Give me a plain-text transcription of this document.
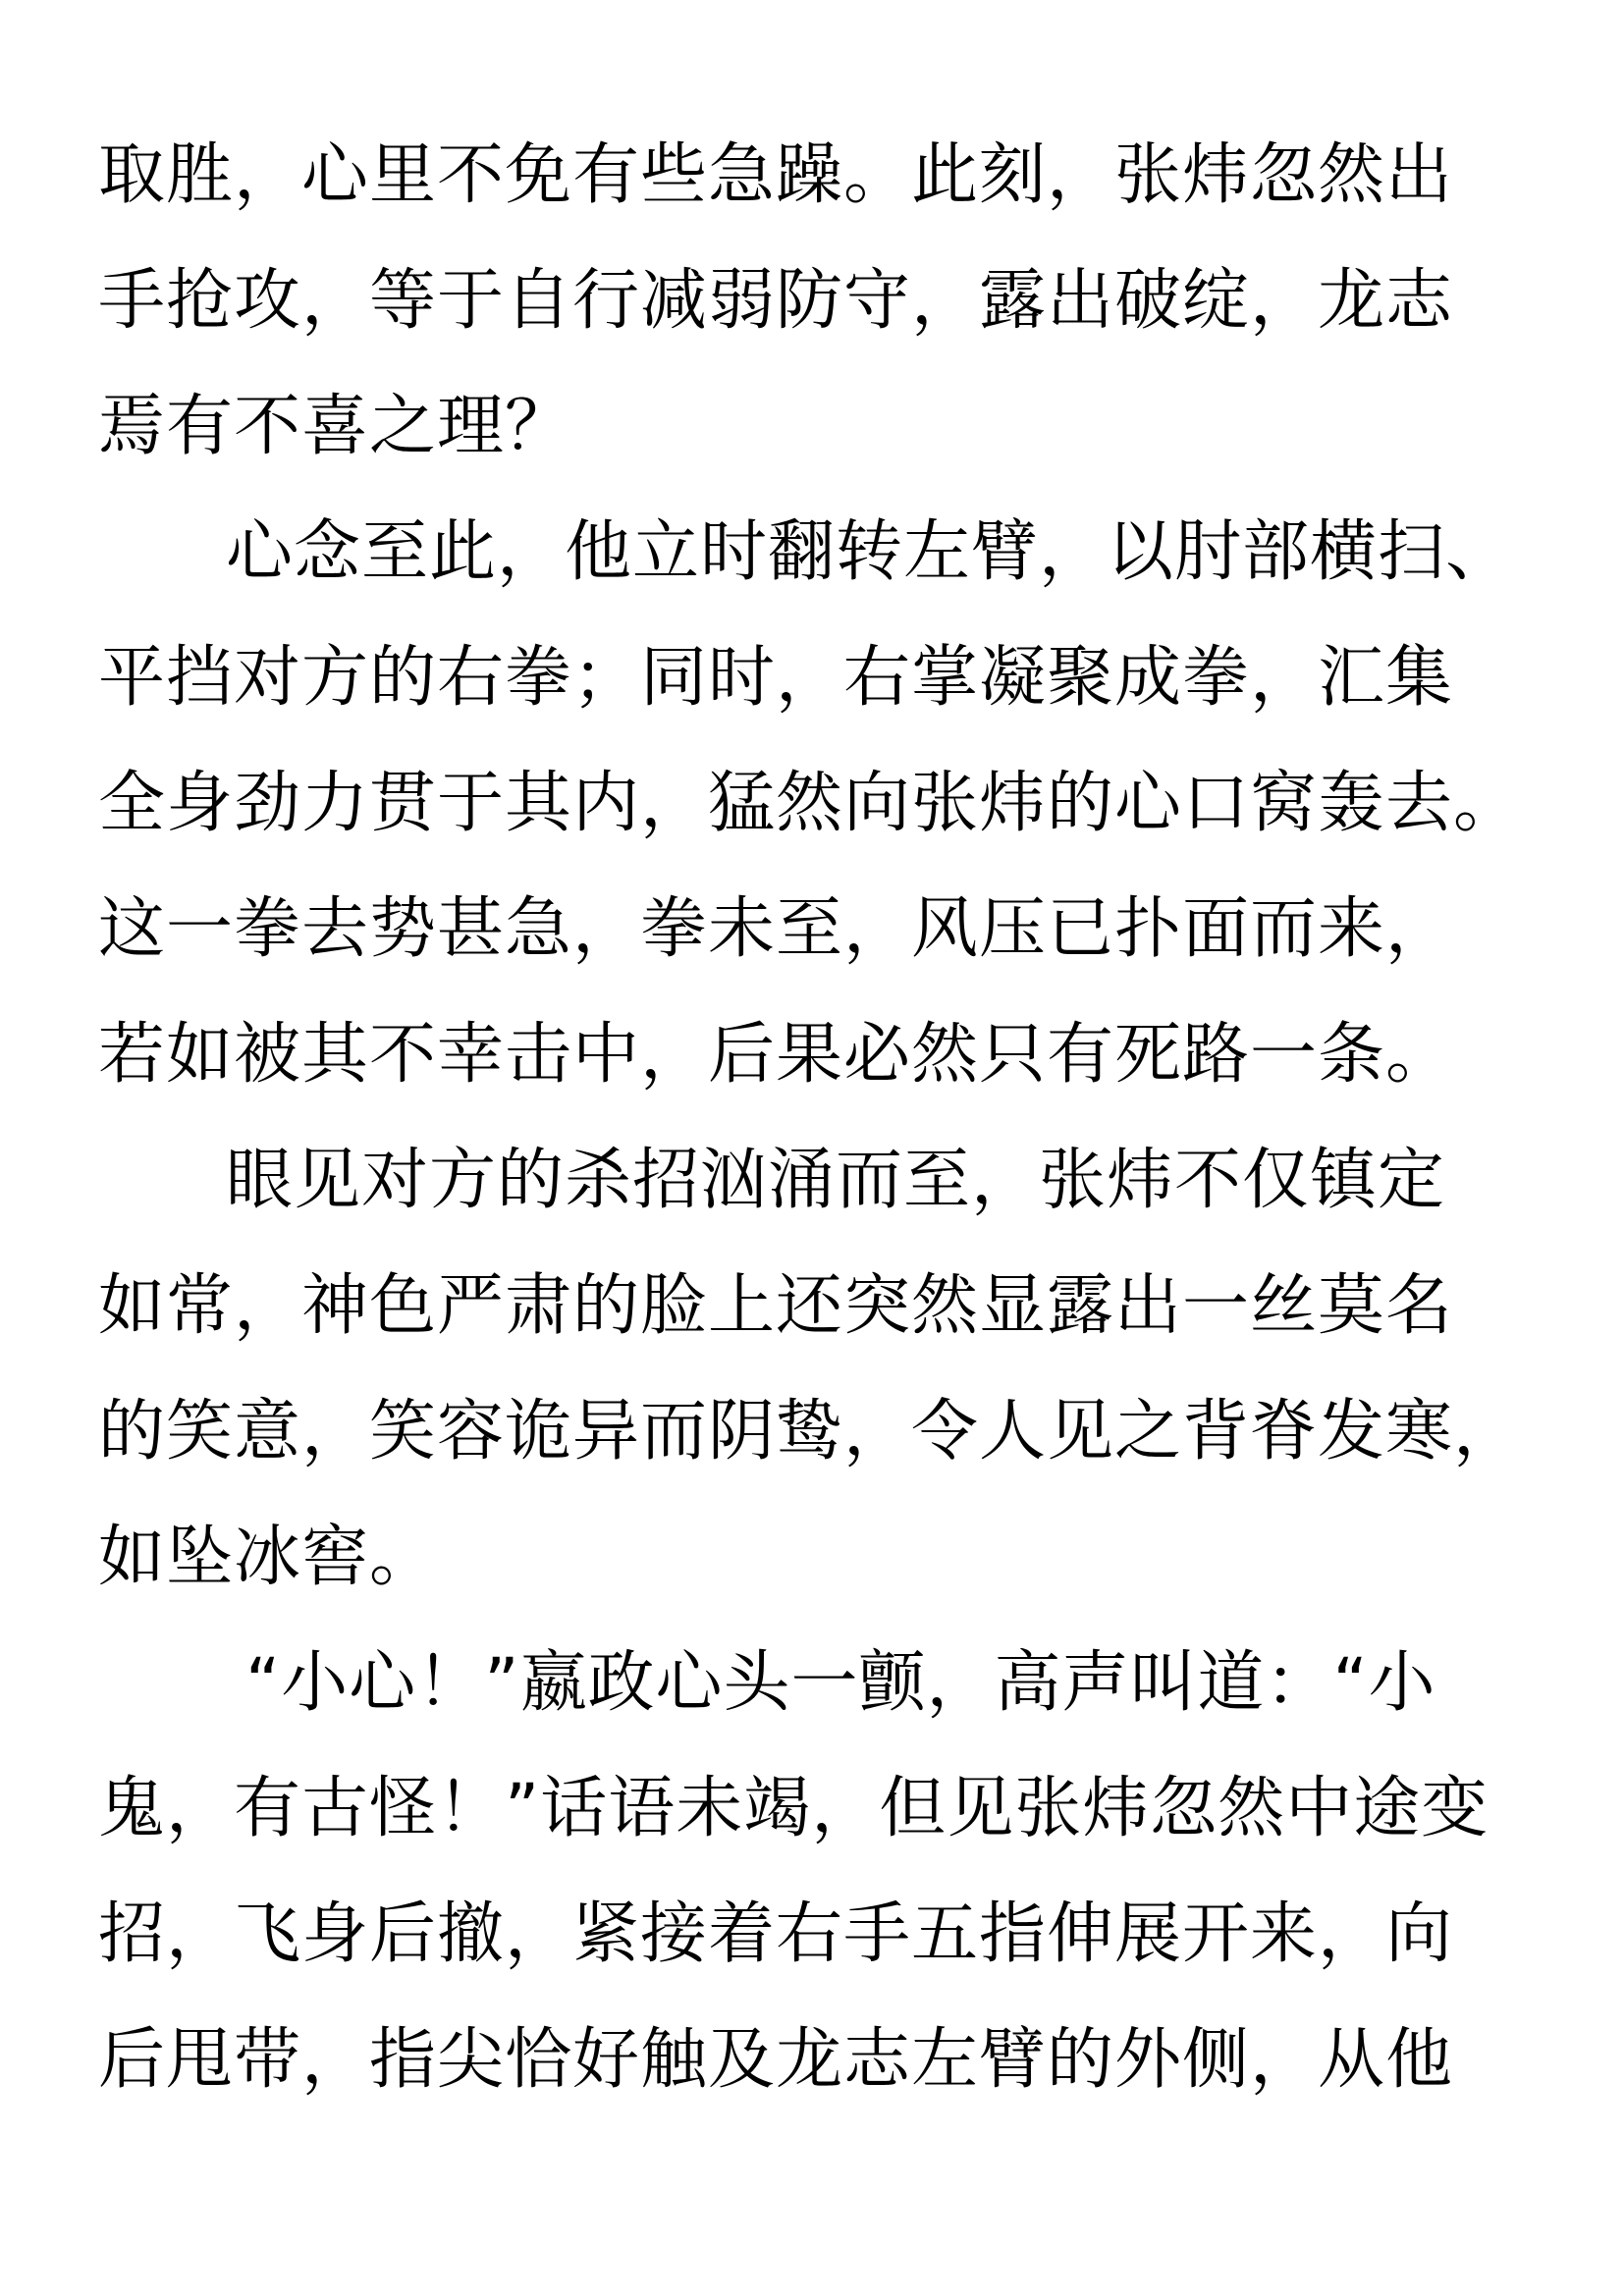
取胜，心里不免有些急躁。此刻，张炜忽然出
手抢攻，等于自行减弱防守，露出破绽，龙志
焉有不喜之理？
心念至此，他立时翻转左臂，以肘部横扫、
平挡对方的右拳；同时，右掌凝聚成拳，汇集
全身劲力贯于其内，猛然向张炜的心口窝轰去。
这一拳去势甚急，拳未至，风压已扑面而来，
若如被其不幸击中，后果必然只有死路一条。
眼见对方的杀招汹涌而至，张炜不仅镇定
如常，神色严肃的脸上还突然显露出一丝莫名
的笑意，笑容诡异而阴鸷，令人见之背脊发寒，
如坠冰窖。
“小心！”嬴政心头一颤，高声叫道：“小
鬼，有古怪！”话语未竭，但见张炜忽然中途变
招，飞身后撤，紧接着右手五指伸展开来，向
后甩带，指尖恰好触及龙志左臂的外侧，从他
